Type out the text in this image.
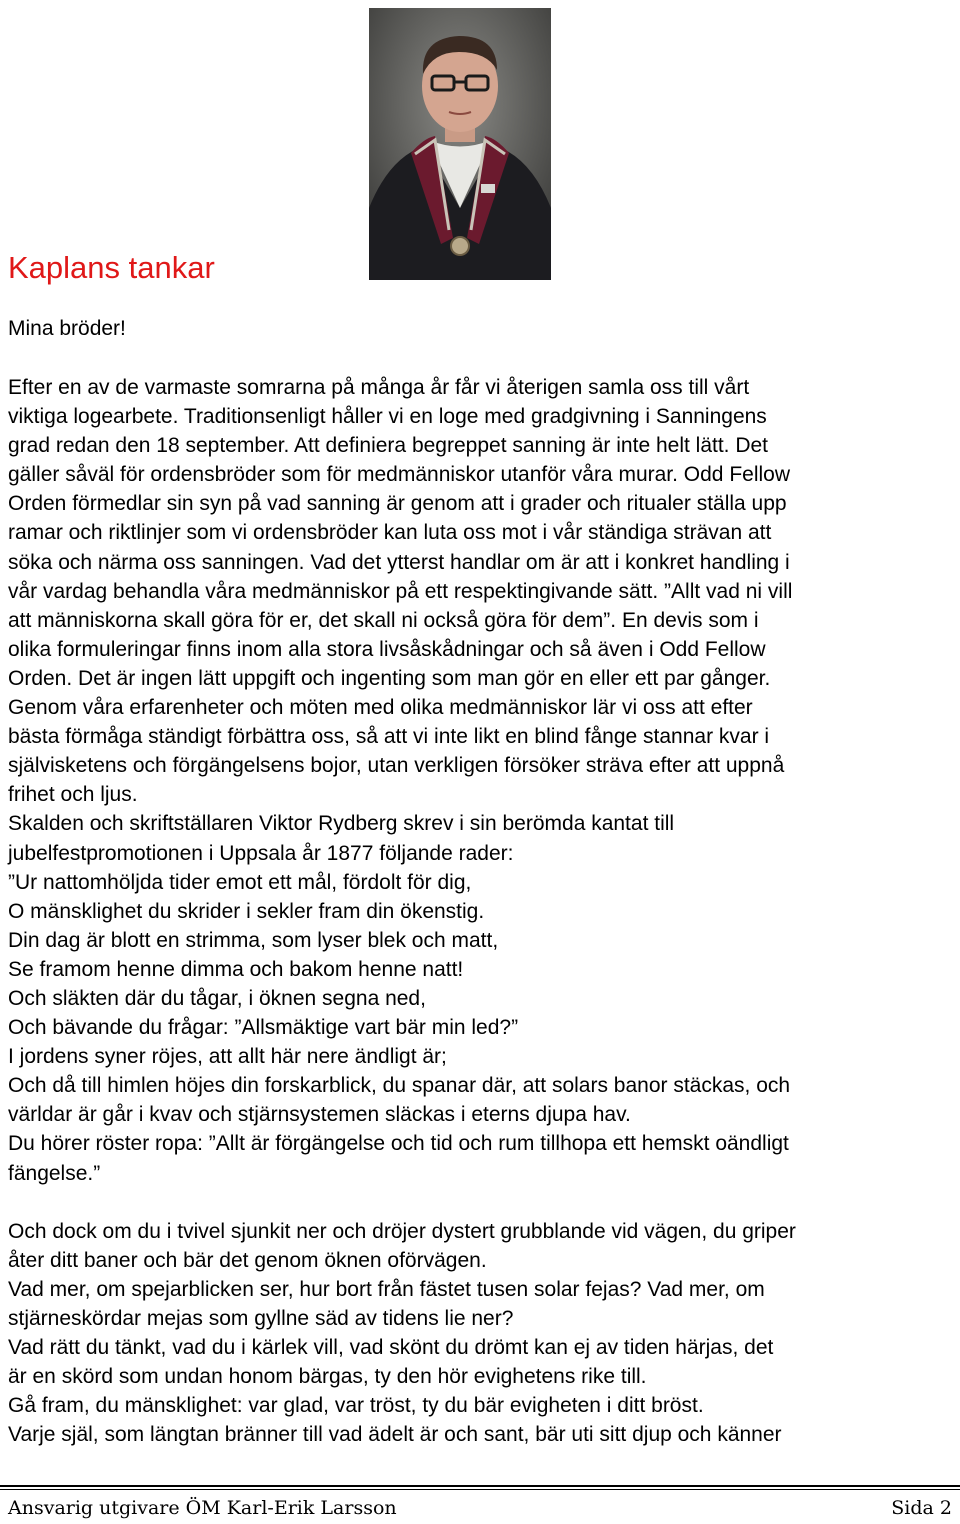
Kaplans tankar

Mina bröder!

Efter en av de varmaste somrarna på många år får vi återigen samla oss till vårt

viktiga logearbete. Traditionsenligt håller vi en loge med gradgivning i Sanningens

grad redan den 18 september. Att definiera begreppet sanning är inte helt lätt. Det

gäller såväl för ordensbröder som för medmänniskor utanför våra murar. Odd Fellow

Orden förmedlar sin syn på vad sanning är genom att i grader och ritualer ställa upp

ramar och riktlinjer som vi ordensbröder kan luta oss mot i vår ständiga strävan att

söka och närma oss sanningen. Vad det ytterst handlar om är att i konkret handling i

vår vardag behandla våra medmänniskor på ett respektingivande sätt. ”Allt vad ni vill

att människorna skall göra för er, det skall ni också göra för dem”. En devis som i

olika formuleringar finns inom alla stora livsåskådningar och så även i Odd Fellow

Orden. Det är ingen lätt uppgift och ingenting som man gör en eller ett par gånger.

Genom våra erfarenheter och möten med olika medmänniskor lär vi oss att efter

bästa förmåga ständigt förbättra oss, så att vi inte likt en blind fånge stannar kvar i

självisketens och förgängelsens bojor, utan verkligen försöker sträva efter att uppnå

frihet och ljus.

Skalden och skriftställaren Viktor Rydberg skrev i sin berömda kantat till

jubelfestpromotionen i Uppsala år 1877 följande rader:

”Ur nattomhöljda tider emot ett mål, fördolt för dig,

O mänsklighet du skrider i sekler fram din ökenstig.

Din dag är blott en strimma, som lyser blek och matt,

Se framom henne dimma och bakom henne natt!

Och släkten där du tågar, i öknen segna ned,

Och bävande du frågar: ”Allsmäktige vart bär min led?”

I jordens syner röjes, att allt här nere ändligt är;

Och då till himlen höjes din forskarblick, du spanar där, att solars banor stäckas, och

världar är går i kvav och stjärnsystemen släckas i eterns djupa hav.

Du hörer röster ropa: ”Allt är förgängelse och tid och rum tillhopa ett hemskt oändligt

fängelse.”

Och dock om du i tvivel sjunkit ner och dröjer dystert grubblande vid vägen, du griper

åter ditt baner och bär det genom öknen oförvägen.

Vad mer, om spejarblicken ser, hur bort från fästet tusen solar fejas? Vad mer, om

stjärneskördar mejas som gyllne säd av tidens lie ner?

Vad rätt du tänkt, vad du i kärlek vill, vad skönt du drömt kan ej av tiden härjas, det

är en skörd som undan honom bärgas, ty den hör evighetens rike till.

Gå fram, du mänsklighet: var glad, var tröst, ty du bär evigheten i ditt bröst.

Varje själ, som längtan bränner till vad ädelt är och sant, bär uti sitt djup och känner

Ansvarig utgivare ÖM Karl-Erik Larsson	Sida 2
